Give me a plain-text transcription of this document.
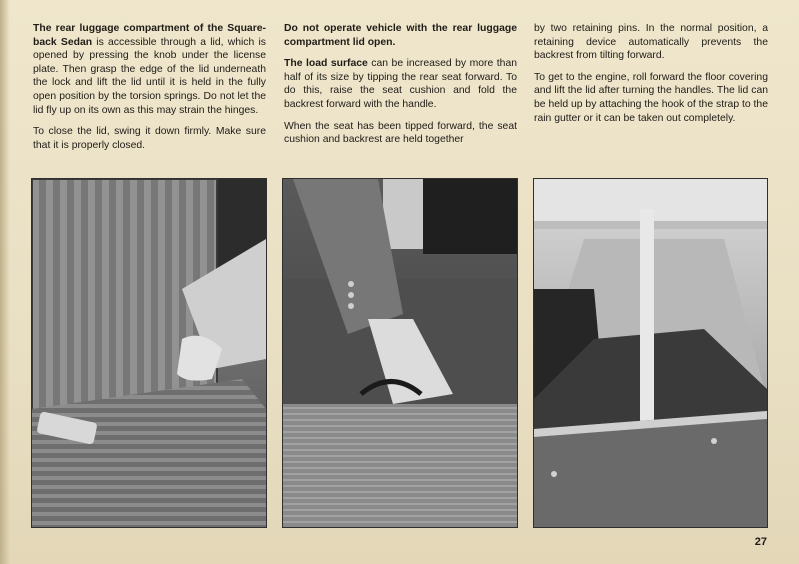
The rear luggage compartment of the Square-back Sedan is accessible through a lid, which is opened by pressing the knob under the license plate. Then grasp the edge of the lid underneath the lock and lift the lid until it is held in the fully open position by the torsion springs. Do not let the lid fly up on its own as this may strain the hinges.

To close the lid, swing it down firmly. Make sure that it is properly closed.

Do not operate vehicle with the rear luggage compartment lid open.

The load surface can be increased by more than half of its size by tipping the rear seat forward. To do this, raise the seat cushion and fold the backrest forward with the handle.

When the seat has been tipped forward, the seat cushion and backrest are held together

by two retaining pins. In the normal position, a retaining device automatically prevents the backrest from tilting forward.

To get to the engine, roll forward the floor covering and lift the lid after turning the handles. The lid can be held up by attaching the hook of the strap to the rain gutter or it can be taken out completely.

27
